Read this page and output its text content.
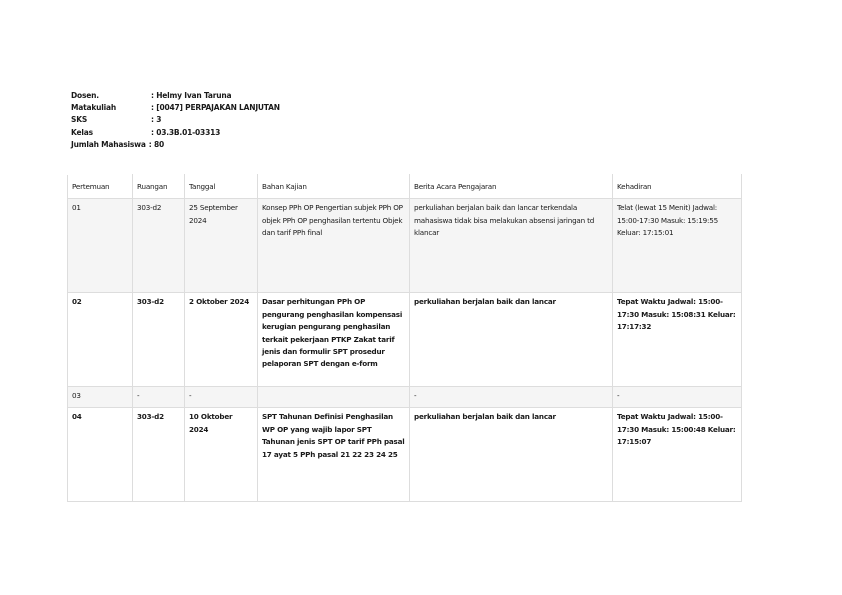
Dosen.	: Helmy Ivan Taruna
Matakuliah	: [0047] PERPAJAKAN LANJUTAN
SKS	: 3
Kelas	: 03.3B.01-03313
Jumlah Mahasiswa : 80
Pertemuan	Ruangan	Tanggal	Bahan Kajian	Berita Acara Pengajaran	Kehadiran
01	303-d2	25 September 2024	Konsep PPh OP Pengertian subjek PPh OP objek PPh OP penghasilan tertentu Objek dan tarif PPh final	perkuliahan berjalan baik dan lancar terkendala mahasiswa tidak bisa melakukan absensi jaringan td klancar	Telat (lewat 15 Menit) Jadwal: 15:00-17:30 Masuk: 15:19:55 Keluar: 17:15:01
02	303-d2	2 Oktober 2024	Dasar perhitungan PPh OP pengurang penghasilan kompensasi kerugian pengurang penghasilan terkait pekerjaan PTKP Zakat tarif jenis dan formulir SPT prosedur pelaporan SPT dengan e-form	perkuliahan berjalan baik dan lancar	Tepat Waktu Jadwal: 15:00-17:30 Masuk: 15:08:31 Keluar: 17:17:32
03	-	-		-	-
04	303-d2	10 Oktober 2024	SPT Tahunan Definisi Penghasilan WP OP yang wajib lapor SPT Tahunan jenis SPT OP tarif PPh pasal 17 ayat 5 PPh pasal 21 22 23 24 25	perkuliahan berjalan baik dan lancar	Tepat Waktu Jadwal: 15:00-17:30 Masuk: 15:00:48 Keluar: 17:15:07
